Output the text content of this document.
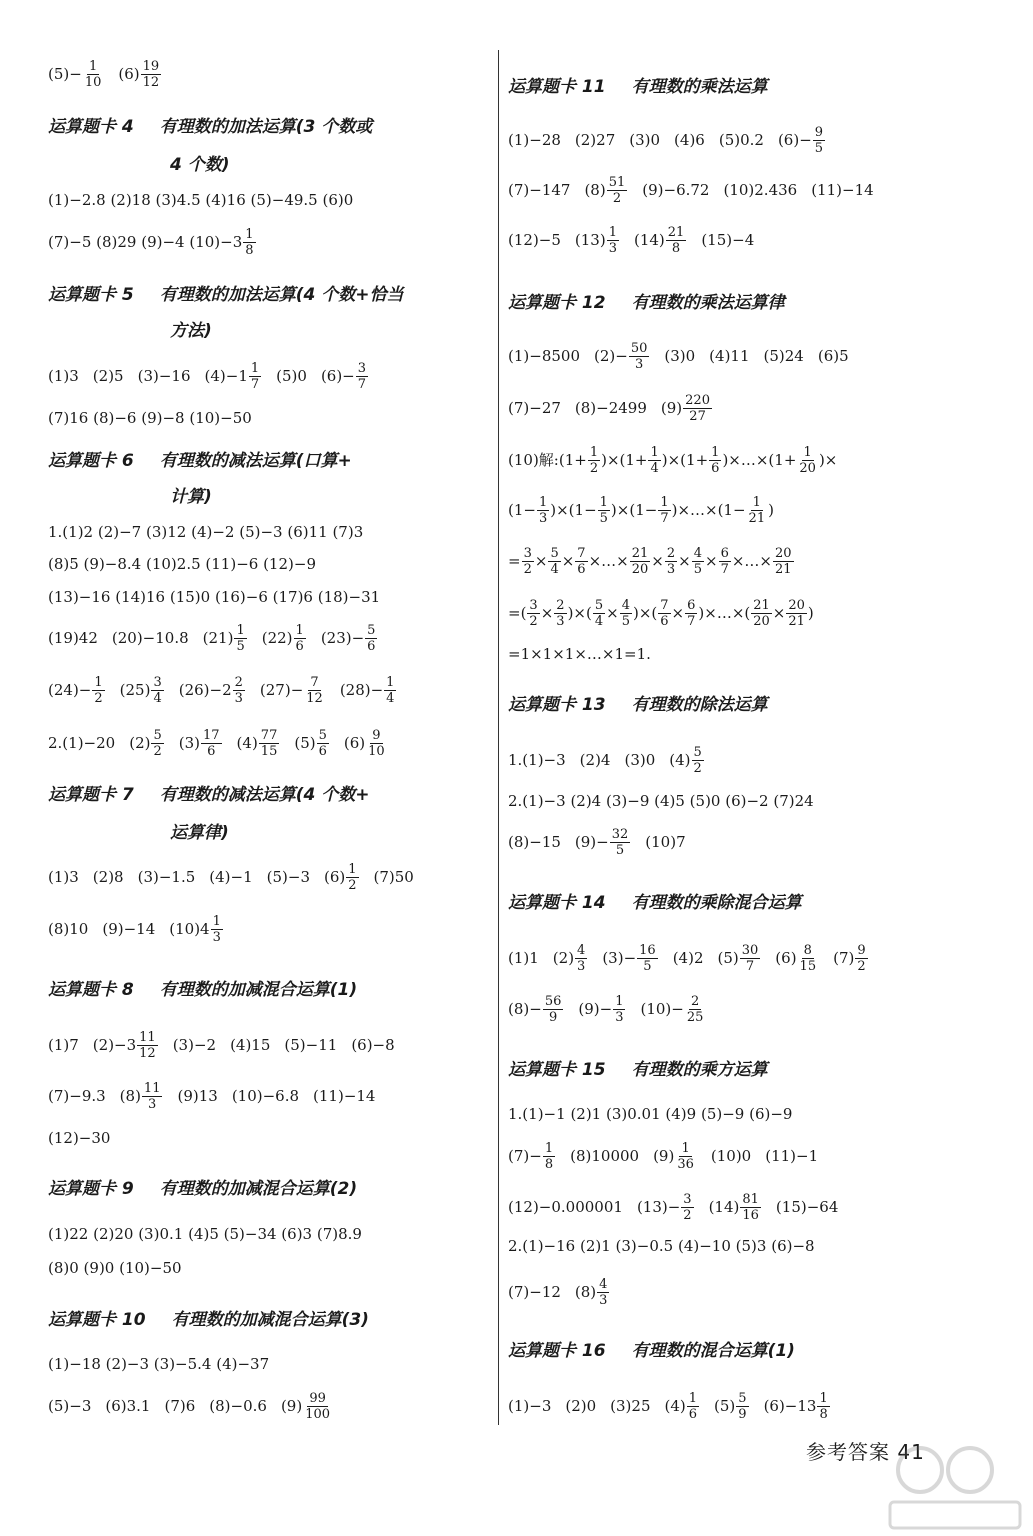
$(5)- \frac{1}{10} (6) \frac{19}{12}$
运算题卡 4 有理数的加法运算(3 个数或
4 个数)
(1)−2.8 (2)18 (3)4.5 (4)16 (5)−49.5 (6)0
(7)−5 (8)29 (9)−4 $(10)-3 \frac{1}{8}$
运算题卡 5 有理数的加法运算(4 个数+恰当
方法)
(1)3 (2)5 (3)−16 $(4)-1 \frac{1}{7} (5)0$ $(6)- \frac{3}{7}$
(7)16 (8)−6 (9)−8 (10)−50
运算题卡 6 有理数的减法运算(口算+
计算)
1.(1)2 (2)−7 (3)12 (4)−2 (5)−3 (6)11 (7)3
(8)5 (9)−8.4 (10)2.5 (11)−6 (12)−9
(13)−16 (14)16 (15)0 (16)−6 (17)6 (18)−31
(19)42 (20)−10.8 $(21) \frac{1}{5} (22) \frac{1}{6} (23)- \frac{5}{6}$
$(24)- \frac{1}{2} (25) \frac{3}{4} (26)-2 \frac{2}{3} (27)- \frac{7}{12} (28)- \frac{1}{4}$
2.(1)−20 $(2) \frac{5}{2} (3) \frac{17}{6} (4) \frac{77}{15} (5) \frac{5}{6} (6) \frac{9}{10}$
运算题卡 7 有理数的减法运算(4 个数+
运算律)
(1)3 (2)8 (3)−1.5 (4)−1 (5)−3 $(6) \frac{1}{2} (7)50$
(8)10 (9)−14 $(10)4 \frac{1}{3}$
运算题卡 8 有理数的加减混合运算(1)
(1)7 $(2)-3 \frac{11}{12} (3)-2$ (4)15 (5)−11 (6)−8
(7)−9.3 $(8) \frac{11}{3} (9)13$ (10)−6.8 (11)−14
(12)−30
运算题卡 9 有理数的加减混合运算(2)
(1)22 (2)20 (3)0.1 (4)5 (5)−34 (6)3 (7)8.9
(8)0 (9)0 (10)−50
运算题卡 10 有理数的加减混合运算(3)
(1)−18 (2)−3 (3)−5.4 (4)−37
(5)−3 (6)3.1 (7)6 (8)−0.6 $(9) \frac{99}{100}$
运算题卡 11 有理数的乘法运算
(1)−28 (2)27 (3)0 (4)6 (5)0.2 $(6)- \frac{9}{5}$
(7)−147 $(8) \frac{51}{2} (9)-6.72$ (10)2.436 (11)−14
(12)−5 $(13) \frac{1}{3} (14) \frac{21}{8} (15)-4$
运算题卡 12 有理数的乘法运算律
(1)−8500 $(2)- \frac{50}{3} (3)0$ (4)11 (5)24 (6)5
(7)−27 (8)−2499 $(9) \frac{220}{27}$
(10)解:(1+ $\frac{1}{2} )\times(1+ \frac{1}{4} )\times(1+ \frac{1}{6}$ )×…×(1+ $\frac{1}{20}$ )×
$(1- \frac{1}{3} )\times(1- \frac{1}{5} )\times(1- \frac{1}{7}$ )×…×(1− $\frac{1}{21}$ )
= $\frac{3}{2} \times \frac{5}{4} \times \frac{7}{6}$ ×…× $\frac{21}{20} \times \frac{2}{3} \times \frac{4}{5} \times \frac{6}{7}$ ×…× $\frac{20}{21}$
=( $\frac{3}{2} \times \frac{2}{3}$ )×( $\frac{5}{4} \times \frac{4}{5}$ )×( $\frac{7}{6} \times \frac{6}{7}$ )×…×( $\frac{21}{20} \times \frac{20}{21}$ )
=1×1×1×…×1=1.
运算题卡 13 有理数的除法运算
1.(1)−3 (2)4 (3)0 $(4) \frac{5}{2}$
2.(1)−3 (2)4 (3)−9 (4)5 (5)0 (6)−2 (7)24
(8)−15 $(9)- \frac{32}{5} (10)7$
运算题卡 14 有理数的乘除混合运算
(1)1 $(2) \frac{4}{3} (3)- \frac{16}{5} (4)2$ $(5) \frac{30}{7} (6) \frac{8}{15} (7) \frac{9}{2}$
$(8)- \frac{56}{9} (9)- \frac{1}{3} (10)- \frac{2}{25}$
运算题卡 15 有理数的乘方运算
1.(1)−1 (2)1 (3)0.01 (4)9 (5)−9 (6)−9
$(7)- \frac{1}{8} (8)10000$ $(9) \frac{1}{36} (10)0$ (11)−1
(12)−0.000001 $(13)- \frac{3}{2} (14) \frac{81}{16} (15)-64$
2.(1)−16 (2)1 (3)−0.5 (4)−10 (5)3 (6)−8
(7)−12 $(8) \frac{4}{3}$
运算题卡 16 有理数的混合运算(1)
(1)−3 (2)0 (3)25 $(4) \frac{1}{6} (5) \frac{5}{9} (6)-13 \frac{1}{8}$
参考答案 41
